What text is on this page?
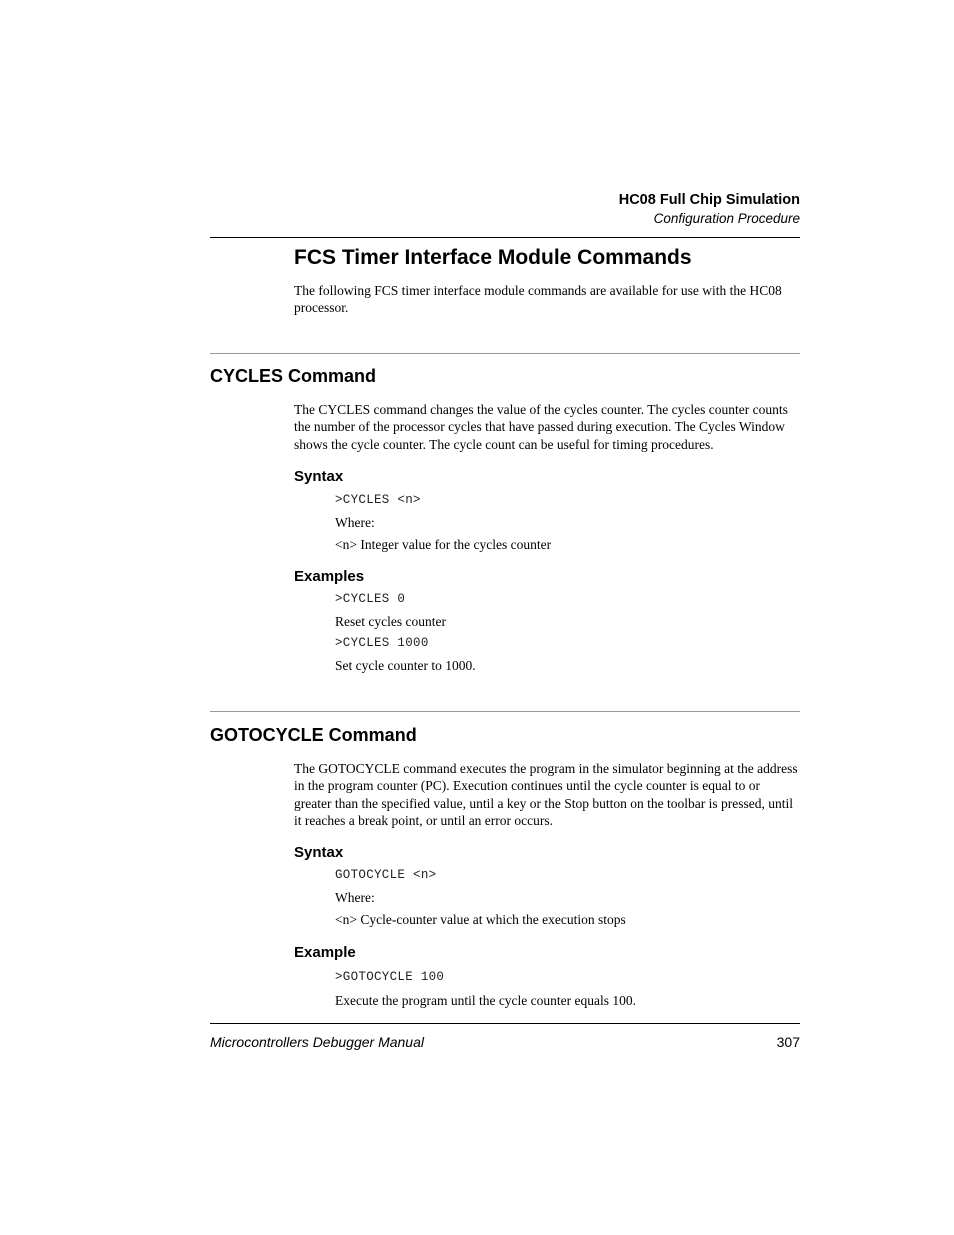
HC08 Full Chip Simulation
Configuration Procedure
FCS Timer Interface Module Commands
The following FCS timer interface module commands are available for use with the HC08 processor.
CYCLES Command
The CYCLES command changes the value of the cycles counter. The cycles counter counts the number of the processor cycles that have passed during execution. The Cycles Window shows the cycle counter. The cycle count can be useful for timing procedures.
Syntax
>CYCLES <n>
Where:
<n> Integer value for the cycles counter
Examples
>CYCLES 0
Reset cycles counter
>CYCLES 1000
Set cycle counter to 1000.
GOTOCYCLE Command
The GOTOCYCLE command executes the program in the simulator beginning at the address in the program counter (PC). Execution continues until the cycle counter is equal to or greater than the specified value, until a key or the Stop button on the toolbar is pressed, until it reaches a break point, or until an error occurs.
Syntax
GOTOCYCLE <n>
Where:
<n> Cycle-counter value at which the execution stops
Example
>GOTOCYCLE 100
Execute the program until the cycle counter equals 100.
Microcontrollers Debugger Manual	307
